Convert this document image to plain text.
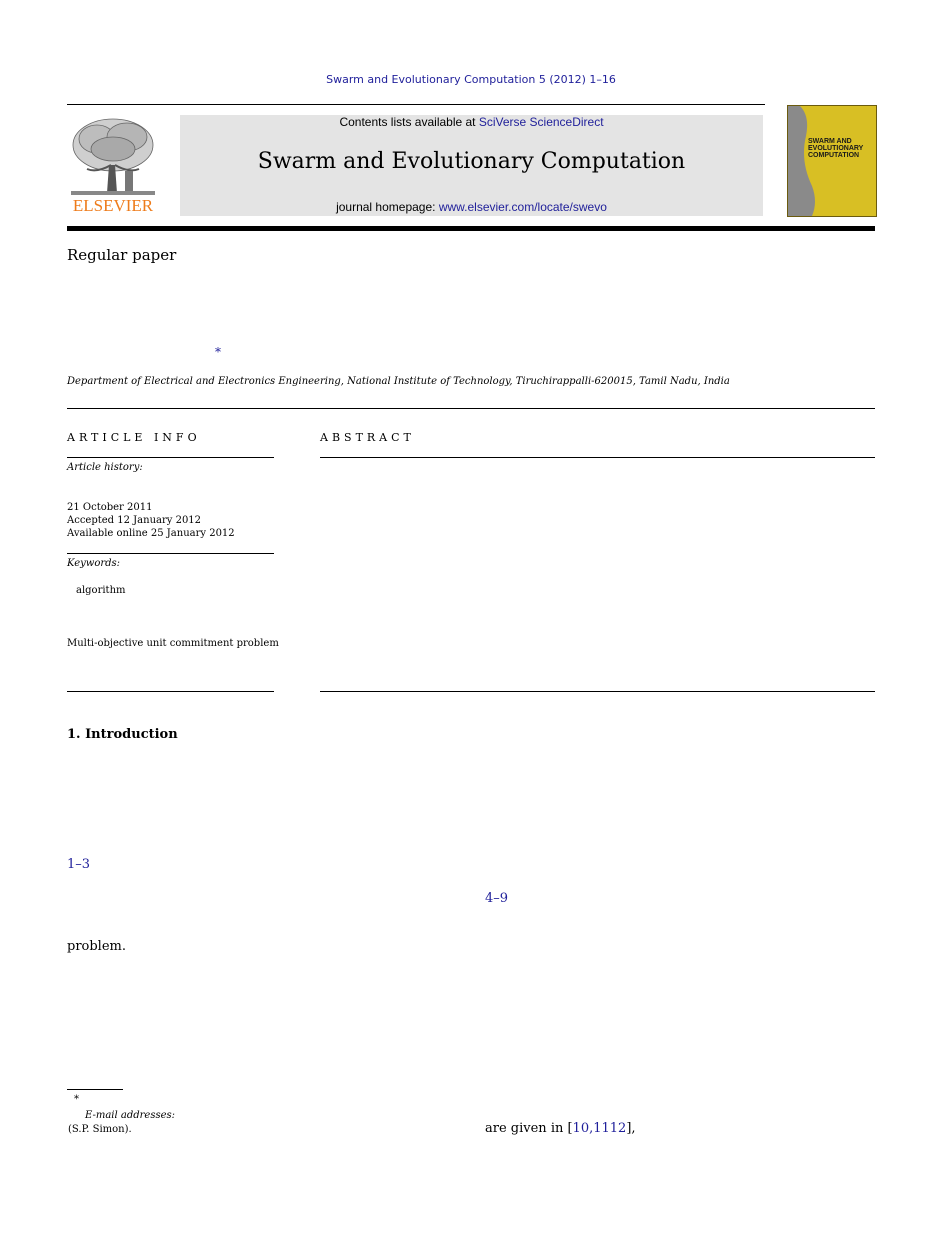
Swarm and Evolutionary Computation 5 (2012) 1–16
ELSEVIER
Contents lists available at SciVerse ScienceDirect
Swarm and Evolutionary Computation
journal homepage: www.elsevier.com/locate/swevo
SWARM AND
EVOLUTIONARY
COMPUTATION
Regular paper
*
Department of Electrical and Electronics Engineering, National Institute of Technology, Tiruchirappalli-620015, Tamil Nadu, India
ARTICLE INFO
Article history:
21 October 2011
Accepted 12 January 2012
Available online 25 January 2012
Keywords:
algorithm
Multi-objective unit commitment problem
ABSTRACT
1. Introduction
1–3
4–9
problem.
are given in [10,1112],
*
E-mail addresses:
(S.P. Simon).
